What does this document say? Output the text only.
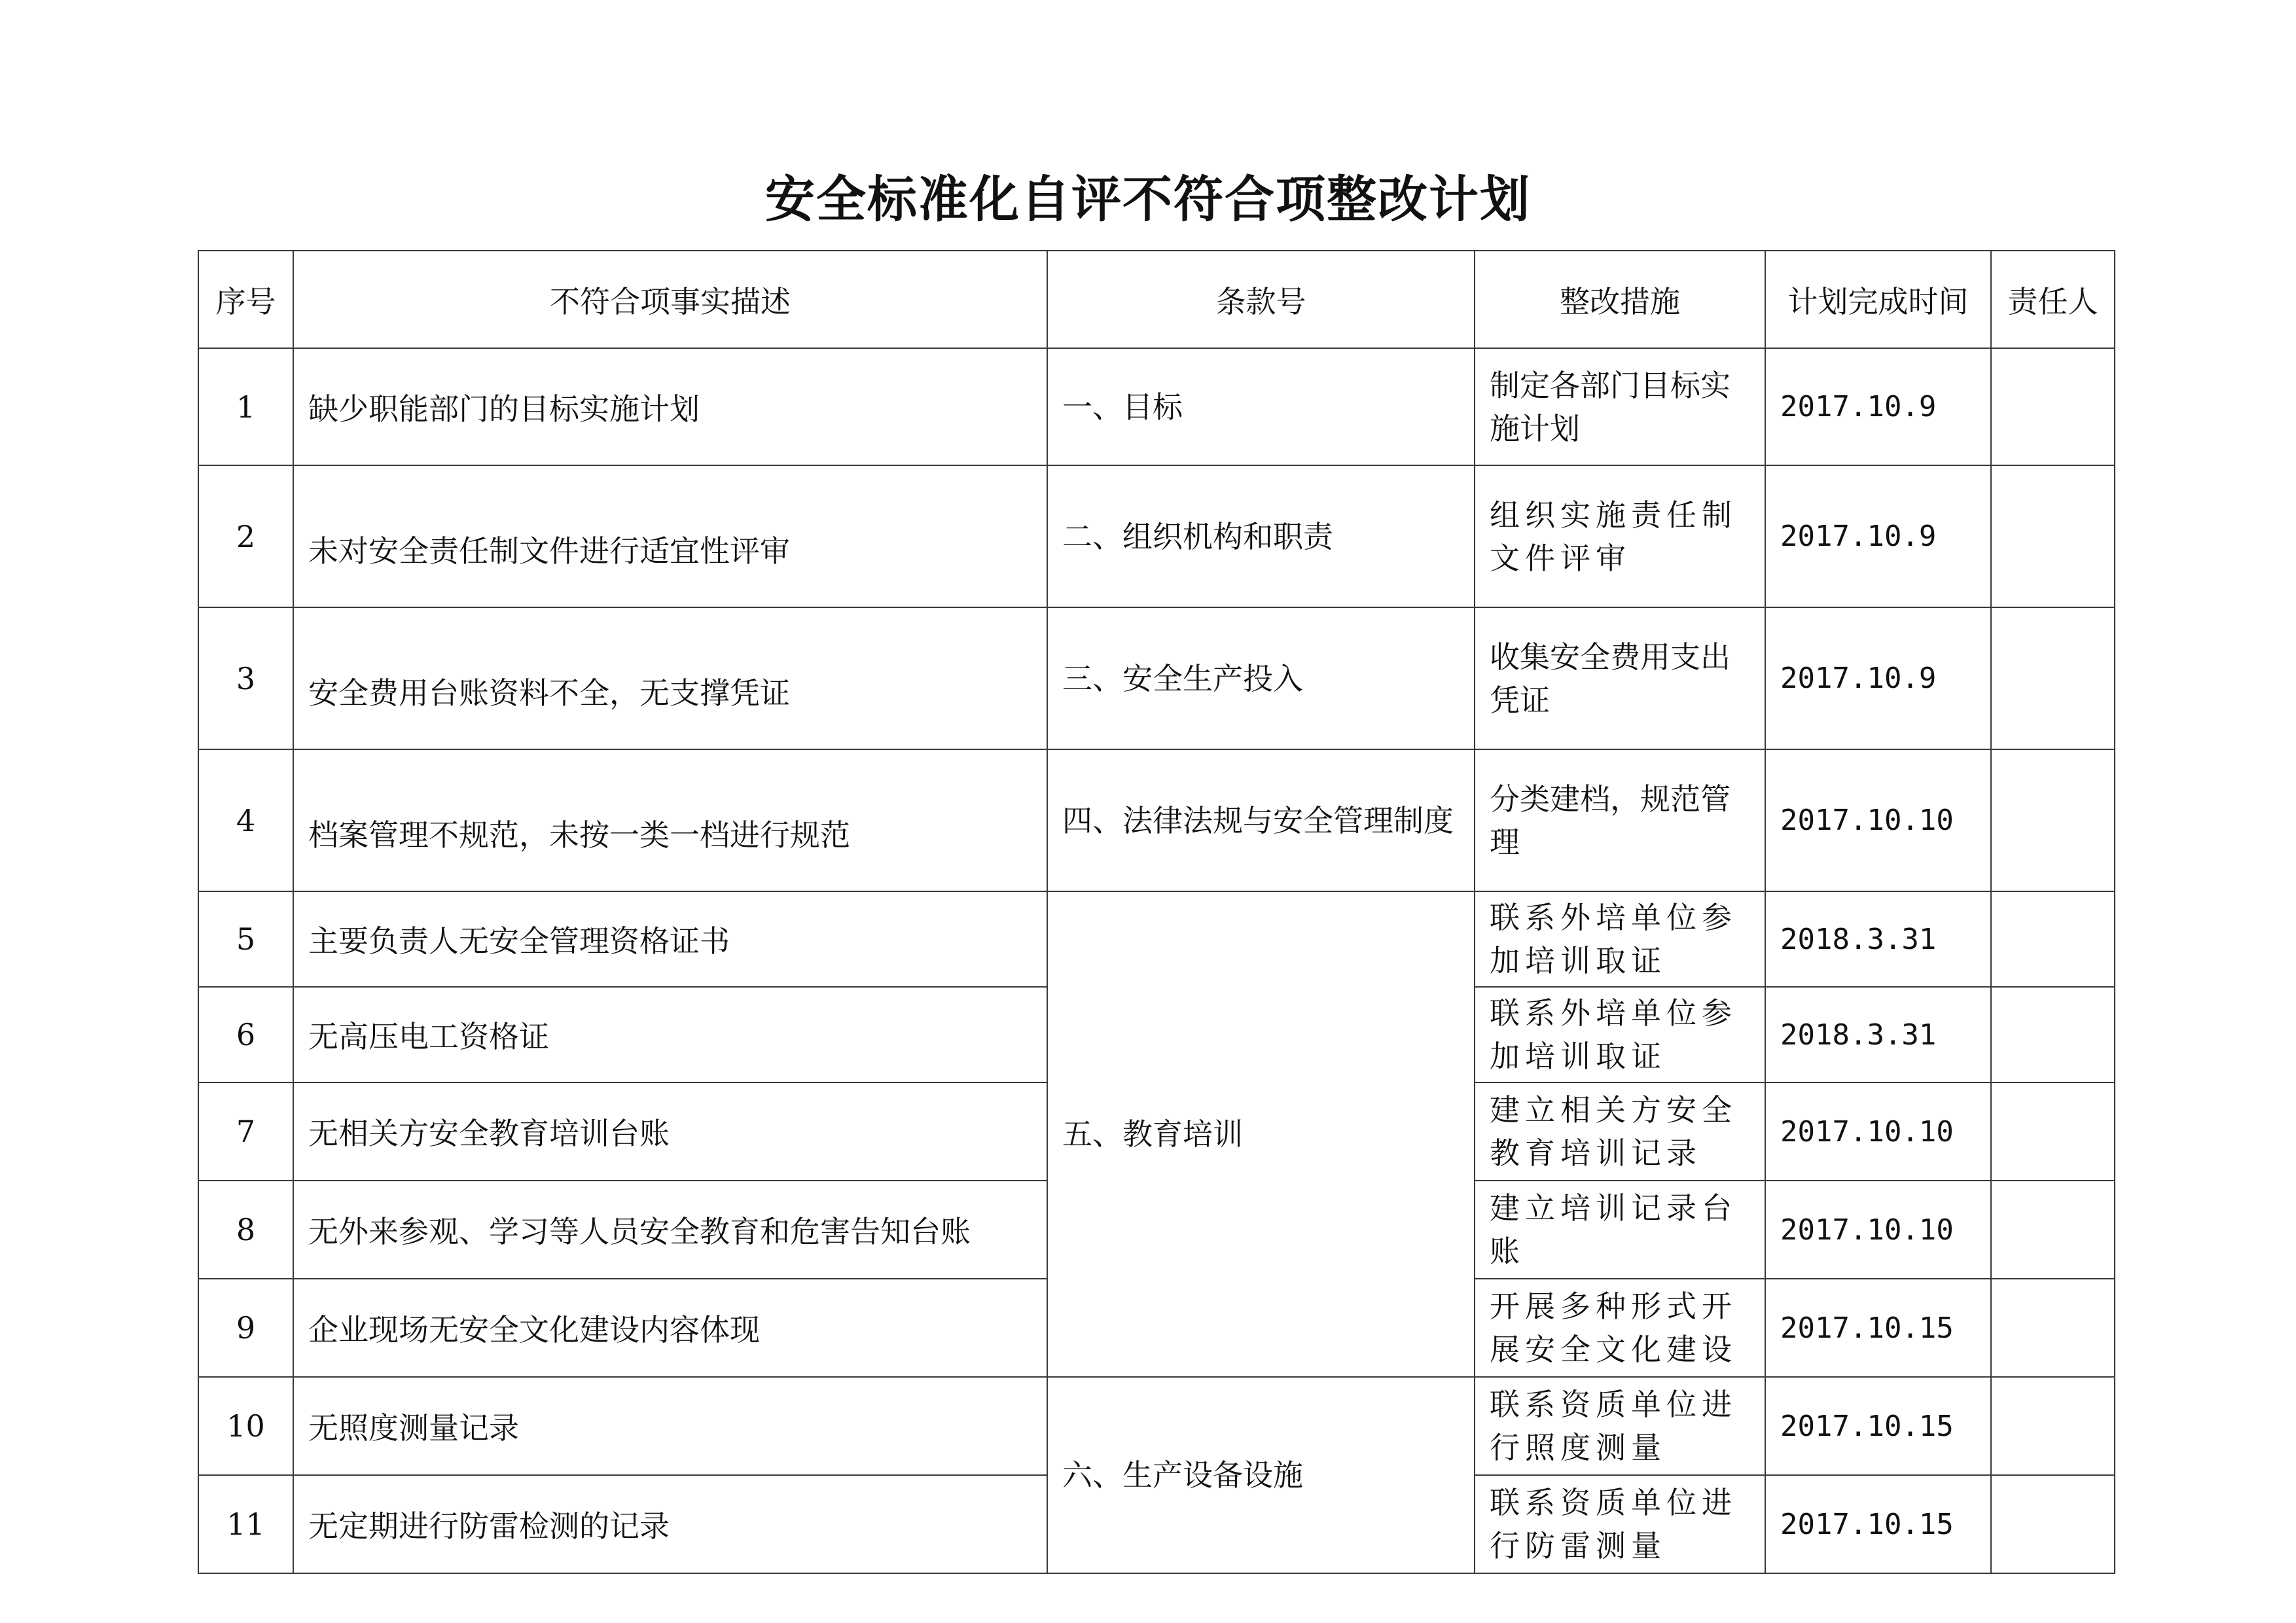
安全标准化自评不符合项整改计划
序号	不符合项事实描述	条款号	整改措施	计划完成时间	责任人
1	缺少职能部门的目标实施计划	一、目标	制定各部门目标实施计划	2017.10.9	
2	未对安全责任制文件进行适宜性评审	二、组织机构和职责	组织实施责任制文件评审	2017.10.9	
3	安全费用台账资料不全，无支撑凭证	三、安全生产投入	收集安全费用支出凭证	2017.10.9	
4	档案管理不规范，未按一类一档进行规范	四、法律法规与安全管理制度	分类建档，规范管理	2017.10.10	
5	主要负责人无安全管理资格证书	五、教育培训	联系外培单位参加培训取证	2018.3.31	
6	无高压电工资格证		联系外培单位参加培训取证	2018.3.31	
7	无相关方安全教育培训台账		建立相关方安全教育培训记录	2017.10.10	
8	无外来参观、学习等人员安全教育和危害告知台账		建立培训记录台账	2017.10.10	
9	企业现场无安全文化建设内容体现		开展多种形式开展安全文化建设	2017.10.15	
10	无照度测量记录	六、生产设备设施	联系资质单位进行照度测量	2017.10.15	
11	无定期进行防雷检测的记录		联系资质单位进行防雷测量	2017.10.15	
